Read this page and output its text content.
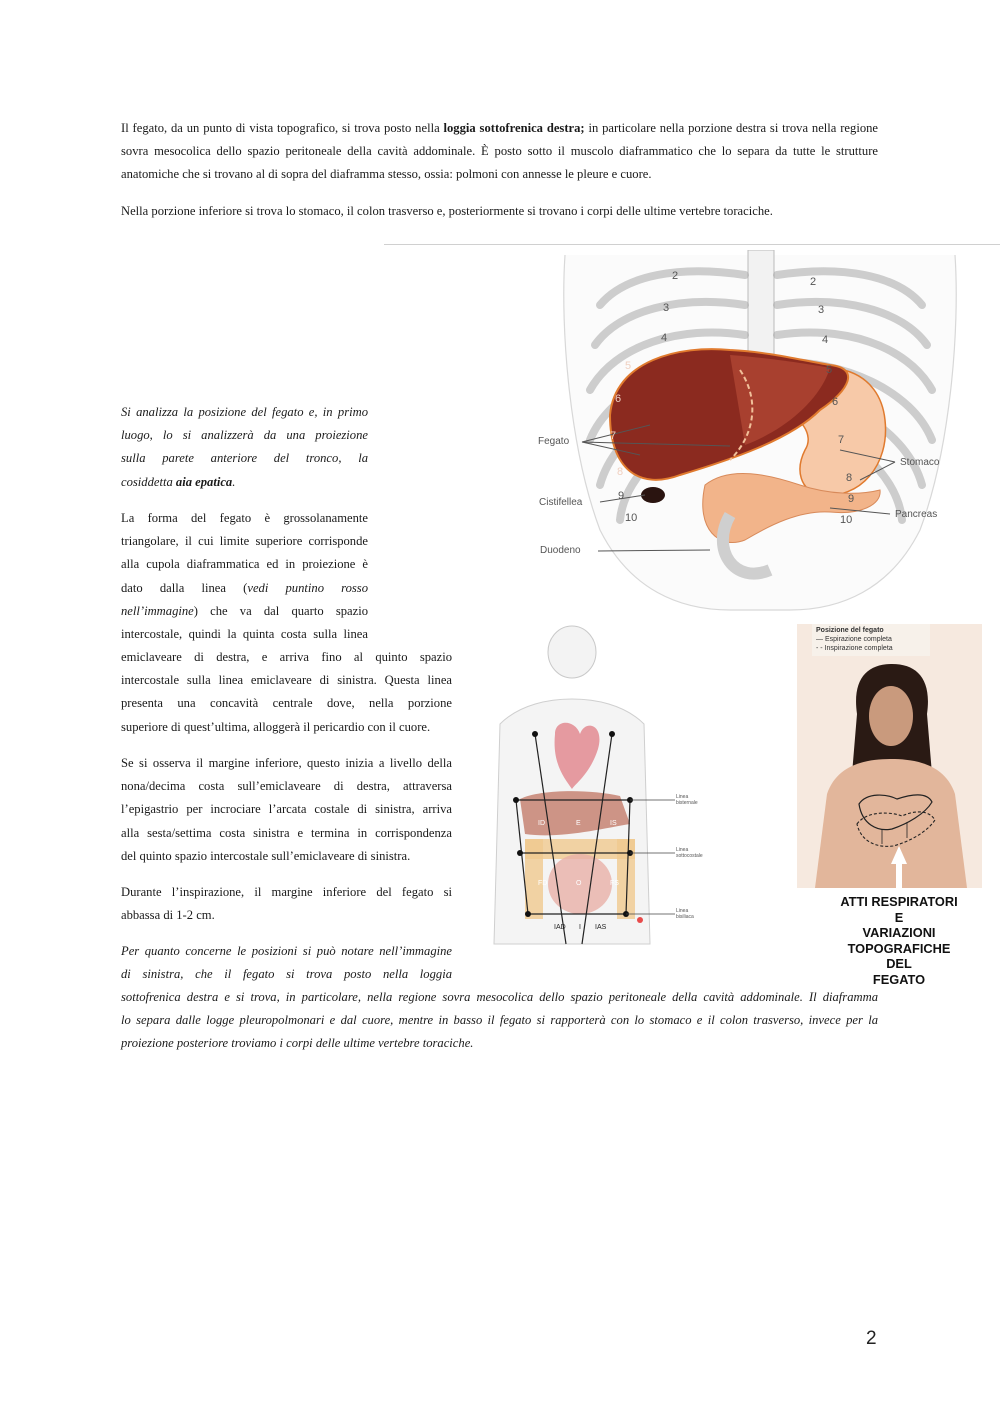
Il fegato, da un punto di vista topografico, si trova posto nella loggia sottofrenica destra; in particolare nella porzione destra si trova nella regione sovra mesocolica dello spazio peritoneale della cavità addominale. È posto sotto il muscolo diaframmatico che lo separa da tutte le strutture anatomiche che si trovano al di sopra del diaframma stesso, ossia: polmoni con annesse le pleure e cuore.

Nella porzione inferiore si trova lo stomaco, il colon trasverso e, posteriormente si trovano i corpi delle ultime vertebre toraciche.

Si analizza la posizione del fegato e, in primo
luogo, lo si analizzerà da una proiezione
sulla parete anteriore del tronco, la
cosiddetta aia epatica.
La forma del fegato è grossolanamente
triangolare, il cui limite superiore corrisponde
alla cupola diaframmatica ed in proiezione è
dato dalla linea (vedi puntino rosso
nell’immagine) che va dal quarto spazio
intercostale, quindi la quinta costa sulla linea
emiclaveare di destra, e arriva fino al quinto spazio
intercostale sulla linea emiclaveare di sinistra. Questa linea
presenta una concavità centrale dove, nella porzione
superiore di quest’ultima, alloggerà il pericardio con il cuore.
Se si osserva il margine inferiore, questo inizia a livello della
nona/decima costa sull’emiclaveare di destra, attraversa
l’epigastrio per incrociare l’arcata costale di sinistra, arriva
alla sesta/settima costa sinistra e termina in corrispondenza
del quinto spazio intercostale sull’emiclaveare di sinistra.
Durante l’inspirazione, il margine inferiore del fegato si
abbassa di 1-2 cm.
Per quanto concerne le posizioni si può notare nell’immagine
di sinistra, che il fegato si trova posto nella loggia
sottofrenica destra e si trova, in particolare, nella regione sovra mesocolica dello spazio peritoneale della cavità addominale. Il diaframma
lo separa dalle logge pleuropolmonari e dal cuore, mentre in basso il fegato si rapporterà con lo stomaco e il colon trasverso, invece per la
proiezione posteriore troviamo i corpi delle ultime vertebre toraciche.
Fegato
Cistifellea
Duodeno
Stomaco
Pancreas
2	2
3	3
4	4
5	5
6	6
7	7
8	8
9	9
10	10
ID	E	IS
FD	O	FS
IAD I IAS
Linea bisternale
Linea sottocostale
Linea bisiliaca
Posizione del fegato
— Espirazione completa
- - Inspirazione completa
ATTI RESPIRATORI
E
VARIAZIONI
TOPOGRAFICHE
DEL
FEGATO
2
